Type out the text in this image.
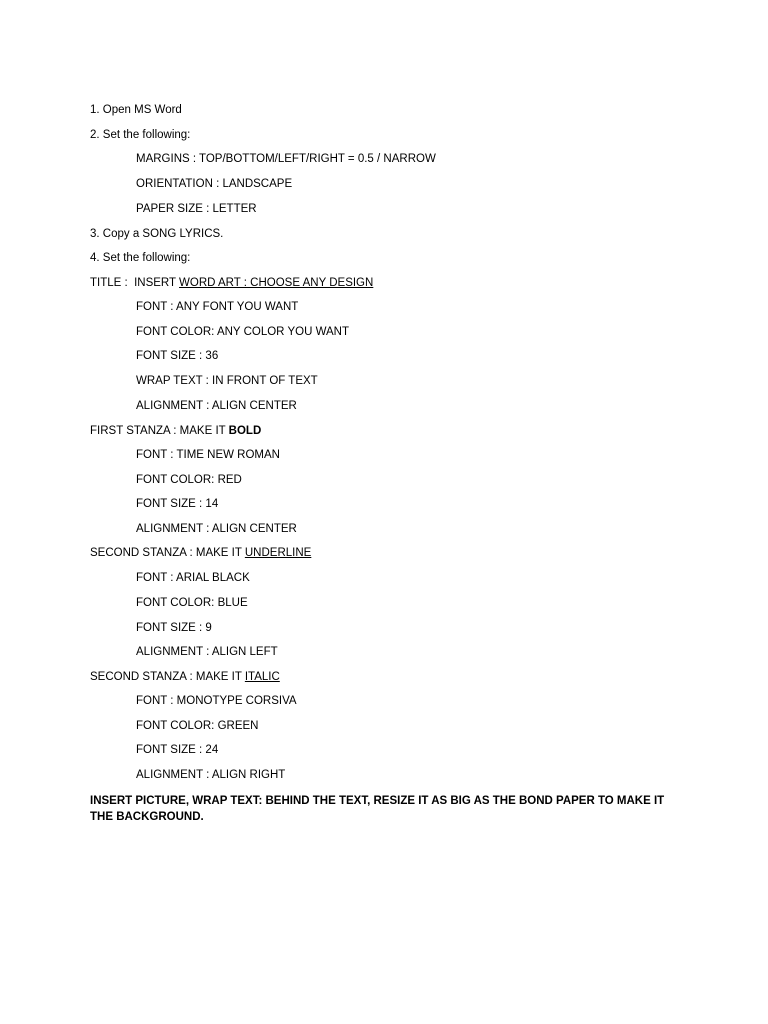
1. Open MS Word
2. Set the following:
MARGINS : TOP/BOTTOM/LEFT/RIGHT = 0.5 / NARROW
ORIENTATION : LANDSCAPE
PAPER SIZE : LETTER
3. Copy a SONG LYRICS.
4. Set the following:
TITLE :  INSERT WORD ART : CHOOSE ANY DESIGN
FONT : ANY FONT YOU WANT
FONT COLOR: ANY COLOR YOU WANT
FONT SIZE : 36
WRAP TEXT : IN FRONT OF TEXT
ALIGNMENT : ALIGN CENTER
FIRST STANZA : MAKE IT BOLD
FONT : TIME NEW ROMAN
FONT COLOR: RED
FONT SIZE : 14
ALIGNMENT : ALIGN CENTER
SECOND STANZA : MAKE IT UNDERLINE
FONT : ARIAL BLACK
FONT COLOR: BLUE
FONT SIZE : 9
ALIGNMENT : ALIGN LEFT
SECOND STANZA : MAKE IT ITALIC
FONT : MONOTYPE CORSIVA
FONT COLOR: GREEN
FONT SIZE : 24
ALIGNMENT : ALIGN RIGHT
INSERT PICTURE, WRAP TEXT: BEHIND THE TEXT, RESIZE IT AS BIG AS THE BOND PAPER TO MAKE IT THE BACKGROUND.
